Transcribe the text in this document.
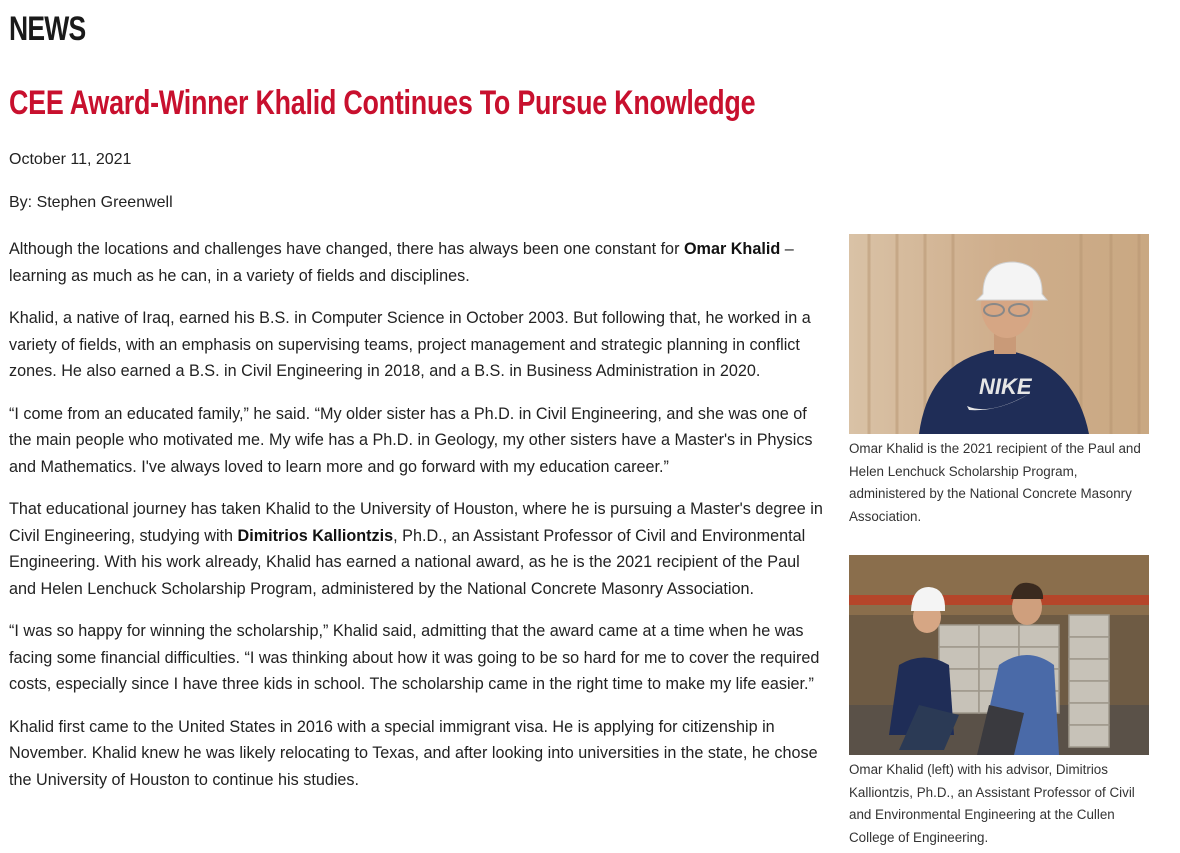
NEWS
CEE Award-Winner Khalid Continues To Pursue Knowledge
October 11, 2021
By: Stephen Greenwell

Although the locations and challenges have changed, there has always been one constant for Omar Khalid – learning as much as he can, in a variety of fields and disciplines.

Khalid, a native of Iraq, earned his B.S. in Computer Science in October 2003. But following that, he worked in a variety of fields, with an emphasis on supervising teams, project management and strategic planning in conflict zones. He also earned a B.S. in Civil Engineering in 2018, and a B.S. in Business Administration in 2020.

“I come from an educated family,” he said. “My older sister has a Ph.D. in Civil Engineering, and she was one of the main people who motivated me. My wife has a Ph.D. in Geology, my other sisters have a Master's in Physics and Mathematics. I've always loved to learn more and go forward with my education career.”

That educational journey has taken Khalid to the University of Houston, where he is pursuing a Master's degree in Civil Engineering, studying with Dimitrios Kalliontzis, Ph.D., an Assistant Professor of Civil and Environmental Engineering. With his work already, Khalid has earned a national award, as he is the 2021 recipient of the Paul and Helen Lenchuck Scholarship Program, administered by the National Concrete Masonry Association.

“I was so happy for winning the scholarship,” Khalid said, admitting that the award came at a time when he was facing some financial difficulties. “I was thinking about how it was going to be so hard for me to cover the required costs, especially since I have three kids in school. The scholarship came in the right time to make my life easier.”

Khalid first came to the United States in 2016 with a special immigrant visa. He is applying for citizenship in November. Khalid knew he was likely relocating to Texas, and after looking into universities in the state, he chose the University of Houston to continue his studies.

NIKE
Omar Khalid is the 2021 recipient of the Paul and Helen Lenchuck Scholarship Program, administered by the National Concrete Masonry Association.
Omar Khalid (left) with his advisor, Dimitrios Kalliontzis, Ph.D., an Assistant Professor of Civil and Environmental Engineering at the Cullen College of Engineering.
